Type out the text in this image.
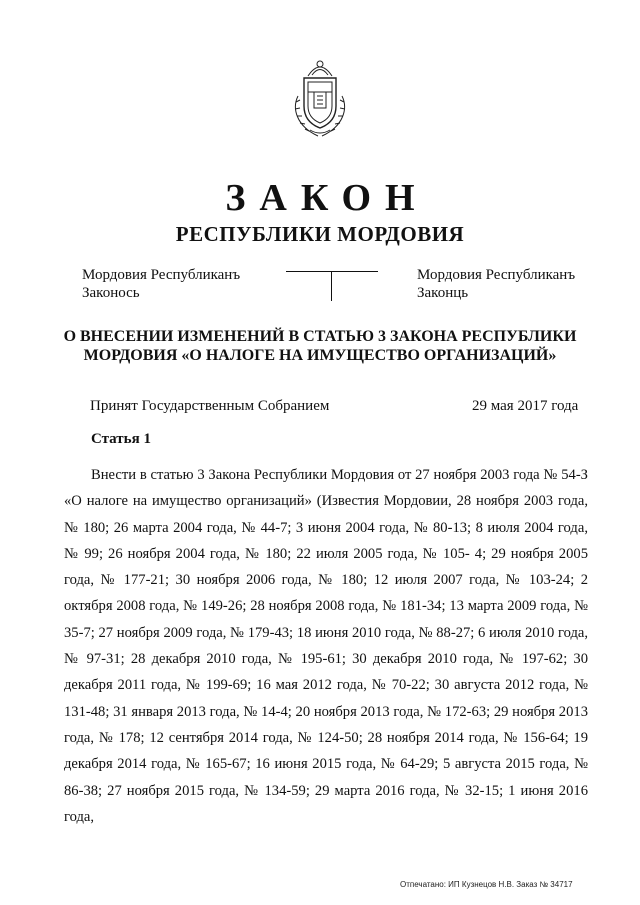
ЗАКОН
РЕСПУБЛИКИ МОРДОВИЯ
Мордовия Республиканъ
Законось
Мордовия Республиканъ
Законць
О ВНЕСЕНИИ ИЗМЕНЕНИЙ В СТАТЬЮ 3 ЗАКОНА РЕСПУБЛИКИ
МОРДОВИЯ «О НАЛОГЕ НА ИМУЩЕСТВО ОРГАНИЗАЦИЙ»
Принят Государственным Собранием	29 мая 2017 года
Статья 1

Внести в статью 3 Закона Республики Мордовия от 27 ноября 2003 года № 54-З «О налоге на имущество организаций» (Известия Мордовии, 28 ноября 2003 года, № 180; 26 марта 2004 года, № 44-7; 3 июня 2004 года, № 80-13; 8 июля 2004 года, № 99; 26 ноября 2004 года, № 180; 22 июля 2005 года, № 105- 4; 29 ноября 2005 года, № 177-21; 30 ноября 2006 года, № 180; 12 июля 2007 года, № 103-24; 2 октября 2008 года, № 149-26; 28 ноября 2008 года, № 181-34; 13 марта 2009 года, № 35-7; 27 ноября 2009 года, № 179-43; 18 июня 2010 года, № 88-27; 6 июля 2010 года, № 97-31; 28 декабря 2010 года, № 195-61; 30 декабря 2010 года, № 197-62; 30 декабря 2011 года, № 199-69; 16 мая 2012 года, № 70-22; 30 августа 2012 года, № 131-48; 31 января 2013 года, № 14-4; 20 ноября 2013 года, № 172-63; 29 ноября 2013 года, № 178; 12 сентября 2014 года, № 124-50; 28 ноября 2014 года, № 156-64; 19 декабря 2014 года, № 165-67; 16 июня 2015 года, № 64-29; 5 августа 2015 года, № 86-38; 27 ноября 2015 года, № 134-59; 29 марта 2016 года, № 32-15; 1 июня 2016 года,

Отпечатано: ИП Кузнецов Н.В. Заказ № 34717
